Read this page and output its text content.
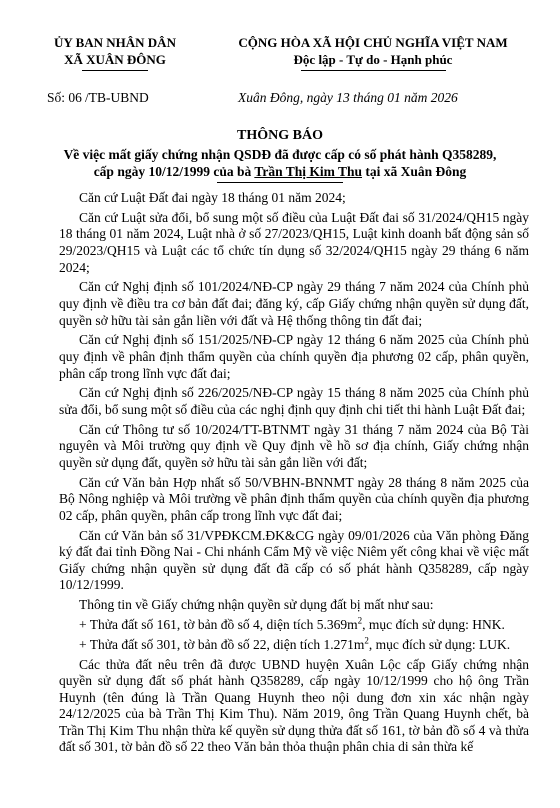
ỦY BAN NHÂN DÂN
XÃ XUÂN ĐÔNG
CỘNG HÒA XÃ HỘI CHỦ NGHĨA VIỆT NAM
Độc lập - Tự do - Hạnh phúc
Số: 06 /TB-UBND	Xuân Đông, ngày 13 tháng 01 năm 2026
THÔNG BÁO
Về việc mất giấy chứng nhận QSDĐ đã được cấp có số phát hành Q358289,
cấp ngày 10/12/1999 của bà Trần Thị Kim Thu tại xã Xuân Đông

Căn cứ Luật Đất đai ngày 18 tháng 01 năm 2024;

Căn cứ Luật sửa đổi, bổ sung một số điều của Luật Đất đai số 31/2024/QH15 ngày 18 tháng 01 năm 2024, Luật nhà ở số 27/2023/QH15, Luật kinh doanh bất động sản số 29/2023/QH15 và Luật các tổ chức tín dụng số 32/2024/QH15 ngày 29 tháng 6 năm 2024;

Căn cứ Nghị định số 101/2024/NĐ-CP ngày 29 tháng 7 năm 2024 của Chính phủ quy định về điều tra cơ bản đất đai; đăng ký, cấp Giấy chứng nhận quyền sử dụng đất, quyền sở hữu tài sản gắn liền với đất và Hệ thống thông tin đất đai;

Căn cứ Nghị định số 151/2025/NĐ-CP ngày 12 tháng 6 năm 2025 của Chính phủ quy định về phân định thẩm quyền của chính quyền địa phương 02 cấp, phân quyền, phân cấp trong lĩnh vực đất đai;

Căn cứ Nghị định số 226/2025/NĐ-CP ngày 15 tháng 8 năm 2025 của Chính phủ sửa đổi, bổ sung một số điều của các nghị định quy định chi tiết thi hành Luật Đất đai;

Căn cứ Thông tư số 10/2024/TT-BTNMT ngày 31 tháng 7 năm 2024 của Bộ Tài nguyên và Môi trường quy định về Quy định về hồ sơ địa chính, Giấy chứng nhận quyền sử dụng đất, quyền sở hữu tài sản gắn liền với đất;

Căn cứ Văn bản Hợp nhất số 50/VBHN-BNNMT ngày 28 tháng 8 năm 2025 của Bộ Nông nghiệp và Môi trường về phân định thẩm quyền của chính quyền địa phương 02 cấp, phân quyền, phân cấp trong lĩnh vực đất đai;

Căn cứ Văn bản số 31/VPĐKCM.ĐK&CG ngày 09/01/2026 của Văn phòng Đăng ký đất đai tỉnh Đồng Nai - Chi nhánh Cẩm Mỹ về việc Niêm yết công khai về việc mất Giấy chứng nhận quyền sử dụng đất đã cấp có số phát hành Q358289, cấp ngày 10/12/1999.

Thông tin về Giấy chứng nhận quyền sử dụng đất bị mất như sau:

+ Thửa đất số 161, tờ bản đồ số 4, diện tích $5.369m^2$, mục đích sử dụng: HNK.

+ Thửa đất số 301, tờ bản đồ số 22, diện tích $1.271m^2$, mục đích sử dụng: LUK.

Các thửa đất nêu trên đã được UBND huyện Xuân Lộc cấp Giấy chứng nhận quyền sử dụng đất số phát hành Q358289, cấp ngày 10/12/1999 cho hộ ông Trần Huynh (tên đúng là Trần Quang Huynh theo nội dung đơn xin xác nhận ngày 24/12/2025 của bà Trần Thị Kim Thu). Năm 2019, ông Trần Quang Huynh chết, bà Trần Thị Kim Thu nhận thừa kế quyền sử dụng thửa đất số 161, tờ bản đồ số 4 và thửa đất số 301, tờ bản đồ số 22 theo Văn bản thỏa thuận phân chia di sản thừa kế
